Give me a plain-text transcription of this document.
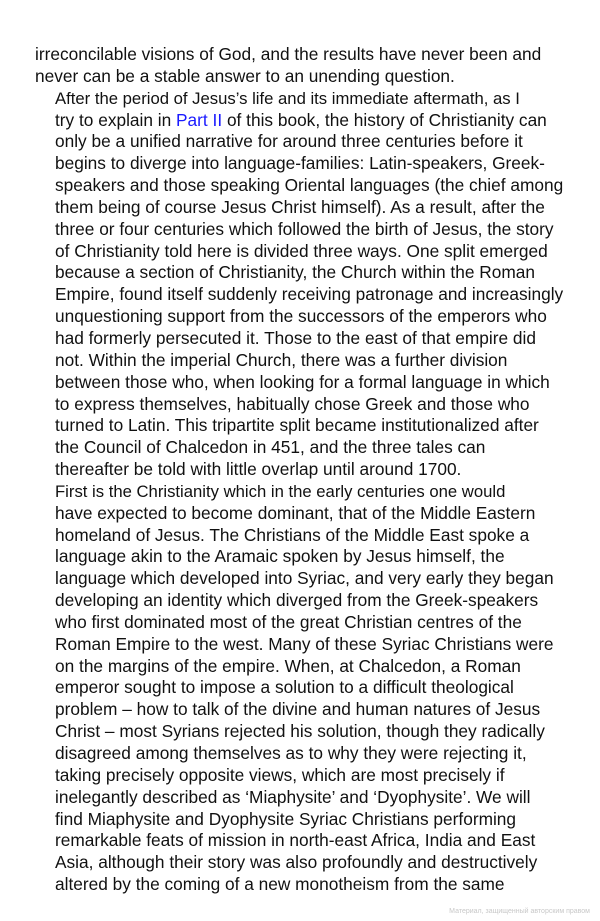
irreconcilable visions of God, and the results have never been and
never can be a stable answer to an unending question.

After the period of Jesus’s life and its immediate aftermath, as I
try to explain in Part II of this book, the history of Christianity can
only be a unified narrative for around three centuries before it
begins to diverge into language-families: Latin-speakers, Greek-
speakers and those speaking Oriental languages (the chief among
them being of course Jesus Christ himself). As a result, after the
three or four centuries which followed the birth of Jesus, the story
of Christianity told here is divided three ways. One split emerged
because a section of Christianity, the Church within the Roman
Empire, found itself suddenly receiving patronage and increasingly
unquestioning support from the successors of the emperors who
had formerly persecuted it. Those to the east of that empire did
not. Within the imperial Church, there was a further division
between those who, when looking for a formal language in which
to express themselves, habitually chose Greek and those who
turned to Latin. This tripartite split became institutionalized after
the Council of Chalcedon in 451, and the three tales can
thereafter be told with little overlap until around 1700.

First is the Christianity which in the early centuries one would
have expected to become dominant, that of the Middle Eastern
homeland of Jesus. The Christians of the Middle East spoke a
language akin to the Aramaic spoken by Jesus himself, the
language which developed into Syriac, and very early they began
developing an identity which diverged from the Greek-speakers
who first dominated most of the great Christian centres of the
Roman Empire to the west. Many of these Syriac Christians were
on the margins of the empire. When, at Chalcedon, a Roman
emperor sought to impose a solution to a difficult theological
problem – how to talk of the divine and human natures of Jesus
Christ – most Syrians rejected his solution, though they radically
disagreed among themselves as to why they were rejecting it,
taking precisely opposite views, which are most precisely if
inelegantly described as ‘Miaphysite’ and ‘Dyophysite’. We will
find Miaphysite and Dyophysite Syriac Christians performing
remarkable feats of mission in north-east Africa, India and East
Asia, although their story was also profoundly and destructively
altered by the coming of a new monotheism from the same

Материал, защищенный авторским правом
